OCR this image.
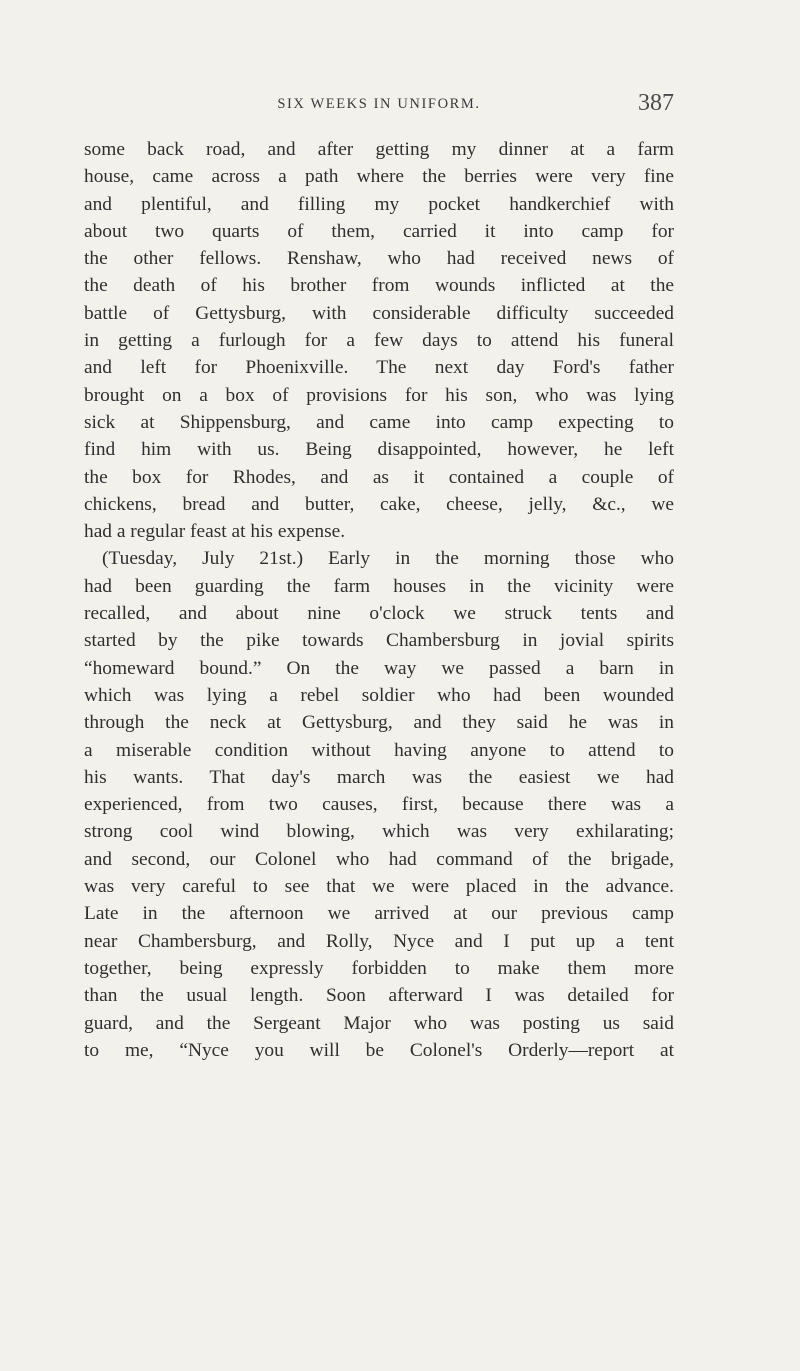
SIX WEEKS IN UNIFORM.	387
some back road, and after getting my dinner at a farm
house, came across a path where the berries were very fine
and plentiful, and filling my pocket handkerchief with
about two quarts of them, carried it into camp for
the other fellows. Renshaw, who had received news of
the death of his brother from wounds inflicted at the
battle of Gettysburg, with considerable difficulty succeeded
in getting a furlough for a few days to attend his funeral
and left for Phoenixville. The next day Ford's father
brought on a box of provisions for his son, who was lying
sick at Shippensburg, and came into camp expecting to
find him with us. Being disappointed, however, he left
the box for Rhodes, and as it contained a couple of
chickens, bread and butter, cake, cheese, jelly, &c., we
had a regular feast at his expense.
(Tuesday, July 21st.) Early in the morning those who
had been guarding the farm houses in the vicinity were
recalled, and about nine o'clock we struck tents and
started by the pike towards Chambersburg in jovial spirits
“homeward bound.” On the way we passed a barn in
which was lying a rebel soldier who had been wounded
through the neck at Gettysburg, and they said he was in
a miserable condition without having anyone to attend to
his wants. That day's march was the easiest we had
experienced, from two causes, first, because there was a
strong cool wind blowing, which was very exhilarating;
and second, our Colonel who had command of the brigade,
was very careful to see that we were placed in the advance.
Late in the afternoon we arrived at our previous camp
near Chambersburg, and Rolly, Nyce and I put up a tent
together, being expressly forbidden to make them more
than the usual length. Soon afterward I was detailed for
guard, and the Sergeant Major who was posting us said
to me, “Nyce you will be Colonel's Orderly—report at
